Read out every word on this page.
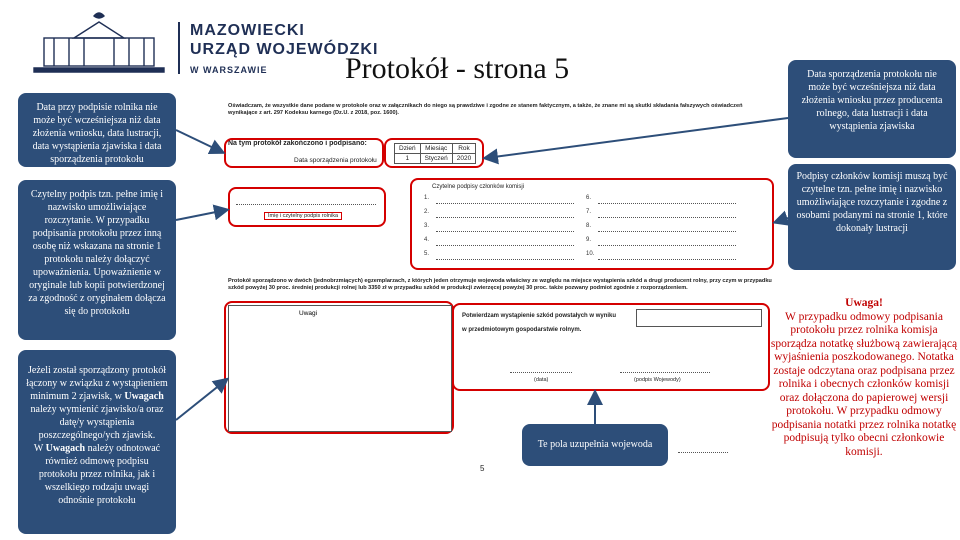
MAZOWIECKI
URZĄD WOJEWÓDZKI
W WARSZAWIE	Protokół - strona 5
Data przy podpisie rolnika nie może być wcześniejsza niż data złożenia wniosku, data lustracji, data wystąpienia zjawiska i data sporządzenia protokołu
Czytelny podpis tzn. pełne imię i nazwisko umożliwiające rozczytanie. W przypadku podpisania protokołu przez inną osobę niż wskazana na stronie 1 protokołu należy dołączyć upoważnienia. Upoważnienie w oryginale lub kopii potwierdzonej za zgodność z oryginałem dołącza się do protokołu
Jeżeli został sporządzony protokół łączony w związku z wystąpieniem minimum 2 zjawisk, w Uwagach należy wymienić zjawisko/a oraz datę/y wystąpienia poszczególnego/ych zjawisk.
W Uwagach należy odnotować również odmowę podpisu protokołu przez rolnika, jak i wszelkiego rodzaju uwagi odnośnie protokołu
Data sporządzenia protokołu nie może być wcześniejsza niż data złożenia wniosku przez producenta rolnego, data lustracji i data wystąpienia zjawiska
Podpisy członków komisji muszą być czytelne tzn. pełne imię i nazwisko umożliwiające rozczytanie i zgodne z osobami podanymi na stronie 1, które dokonały lustracji
Uwaga!
W przypadku odmowy podpisania protokołu przez rolnika komisja sporządza notatkę służbową zawierającą wyjaśnienia poszkodowanego. Notatka zostaje odczytana oraz podpisana przez rolnika i obecnych członków komisji oraz dołączona do papierowej wersji protokołu. W przypadku odmowy podpisania notatki przez rolnika notatkę podpisują tylko obecni członkowie komisji.
Oświadczam, że wszystkie dane podane w protokole oraz w załącznikach do niego są prawdziwe i zgodne ze stanem faktycznym, a także, że znane mi są skutki składania fałszywych oświadczeń wynikające z art. 297 Kodeksu karnego (Dz.U. z 2018, poz. 1600).
Na tym protokół zakończono i podpisano:
Data sporządzenia protokołu
Dzień	Miesiąc	Rok
1	Styczeń	2020
Imię i czytelny podpis rolnika
Czytelne podpisy członków komisji
1.
2.
3.
4.
5.
6.
7.
8.
9.
10.
Protokół sporządzono w dwóch (jednobrzmiących) egzemplarzach, z których jeden otrzymuje wojewoda właściwy ze względu na miejsce wystąpienia szkód a drugi producent rolny, przy czym w przypadku szkód powyżej 30 proc. średniej produkcji rolnej lub 3350 zł w przypadku szkód w produkcji zwierzęcej powyżej 30 proc. także pozwany podmiot zgodnie z rozporządzeniem.
Uwagi	Potwierdzam wystąpienie szkód powstałych w wyniku
w przedmiotowym gospodarstwie rolnym.
(data)	(podpis Wojewody)
Te pola uzupełnia wojewoda
5
